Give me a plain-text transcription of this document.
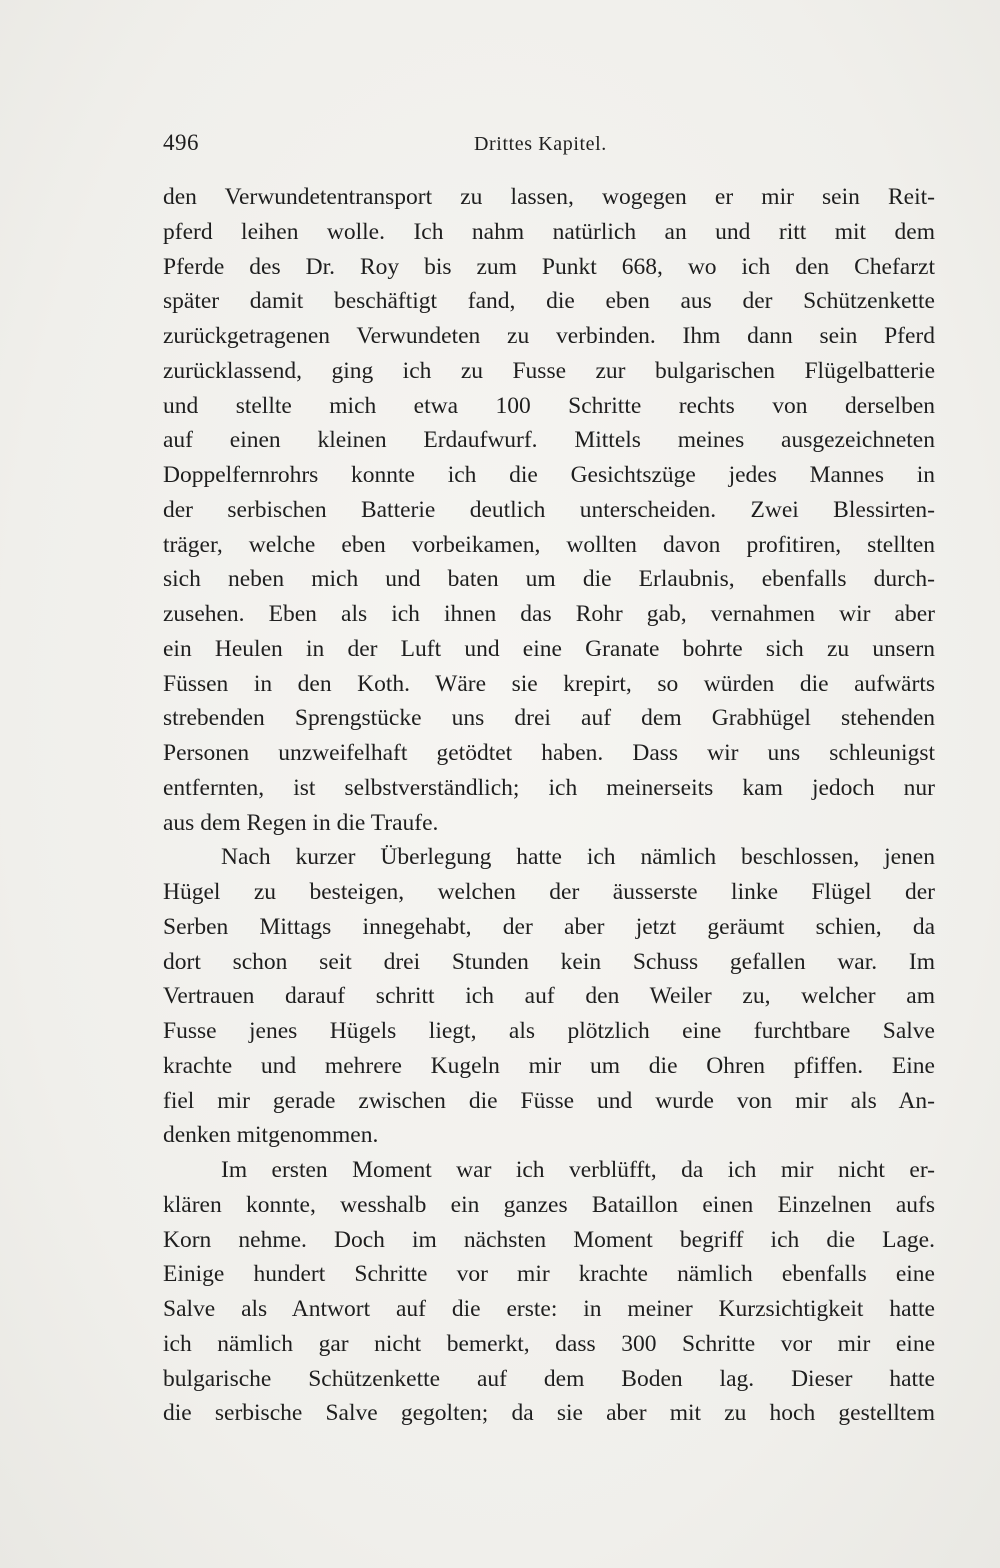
496	Drittes Kapitel.
den Verwundetentransport zu lassen, wogegen er mir sein Reit-
pferd leihen wolle. Ich nahm natürlich an und ritt mit dem
Pferde des Dr. Roy bis zum Punkt 668, wo ich den Chefarzt
später damit beschäftigt fand, die eben aus der Schützenkette
zurückgetragenen Verwundeten zu verbinden. Ihm dann sein Pferd
zurücklassend, ging ich zu Fusse zur bulgarischen Flügelbatterie
und stellte mich etwa 100 Schritte rechts von derselben
auf einen kleinen Erdaufwurf. Mittels meines ausgezeichneten
Doppelfernrohrs konnte ich die Gesichtszüge jedes Mannes in
der serbischen Batterie deutlich unterscheiden. Zwei Blessirten-
träger, welche eben vorbeikamen, wollten davon profitiren, stellten
sich neben mich und baten um die Erlaubnis, ebenfalls durch-
zusehen. Eben als ich ihnen das Rohr gab, vernahmen wir aber
ein Heulen in der Luft und eine Granate bohrte sich zu unsern
Füssen in den Koth. Wäre sie krepirt, so würden die aufwärts
strebenden Sprengstücke uns drei auf dem Grabhügel stehenden
Personen unzweifelhaft getödtet haben. Dass wir uns schleunigst
entfernten, ist selbstverständlich; ich meinerseits kam jedoch nur
aus dem Regen in die Traufe.
Nach kurzer Überlegung hatte ich nämlich beschlossen, jenen
Hügel zu besteigen, welchen der äusserste linke Flügel der
Serben Mittags innegehabt, der aber jetzt geräumt schien, da
dort schon seit drei Stunden kein Schuss gefallen war. Im
Vertrauen darauf schritt ich auf den Weiler zu, welcher am
Fusse jenes Hügels liegt, als plötzlich eine furchtbare Salve
krachte und mehrere Kugeln mir um die Ohren pfiffen. Eine
fiel mir gerade zwischen die Füsse und wurde von mir als An-
denken mitgenommen.
Im ersten Moment war ich verblüfft, da ich mir nicht er-
klären konnte, wesshalb ein ganzes Bataillon einen Einzelnen aufs
Korn nehme. Doch im nächsten Moment begriff ich die Lage.
Einige hundert Schritte vor mir krachte nämlich ebenfalls eine
Salve als Antwort auf die erste: in meiner Kurzsichtigkeit hatte
ich nämlich gar nicht bemerkt, dass 300 Schritte vor mir eine
bulgarische Schützenkette auf dem Boden lag. Dieser hatte
die serbische Salve gegolten; da sie aber mit zu hoch gestelltem
